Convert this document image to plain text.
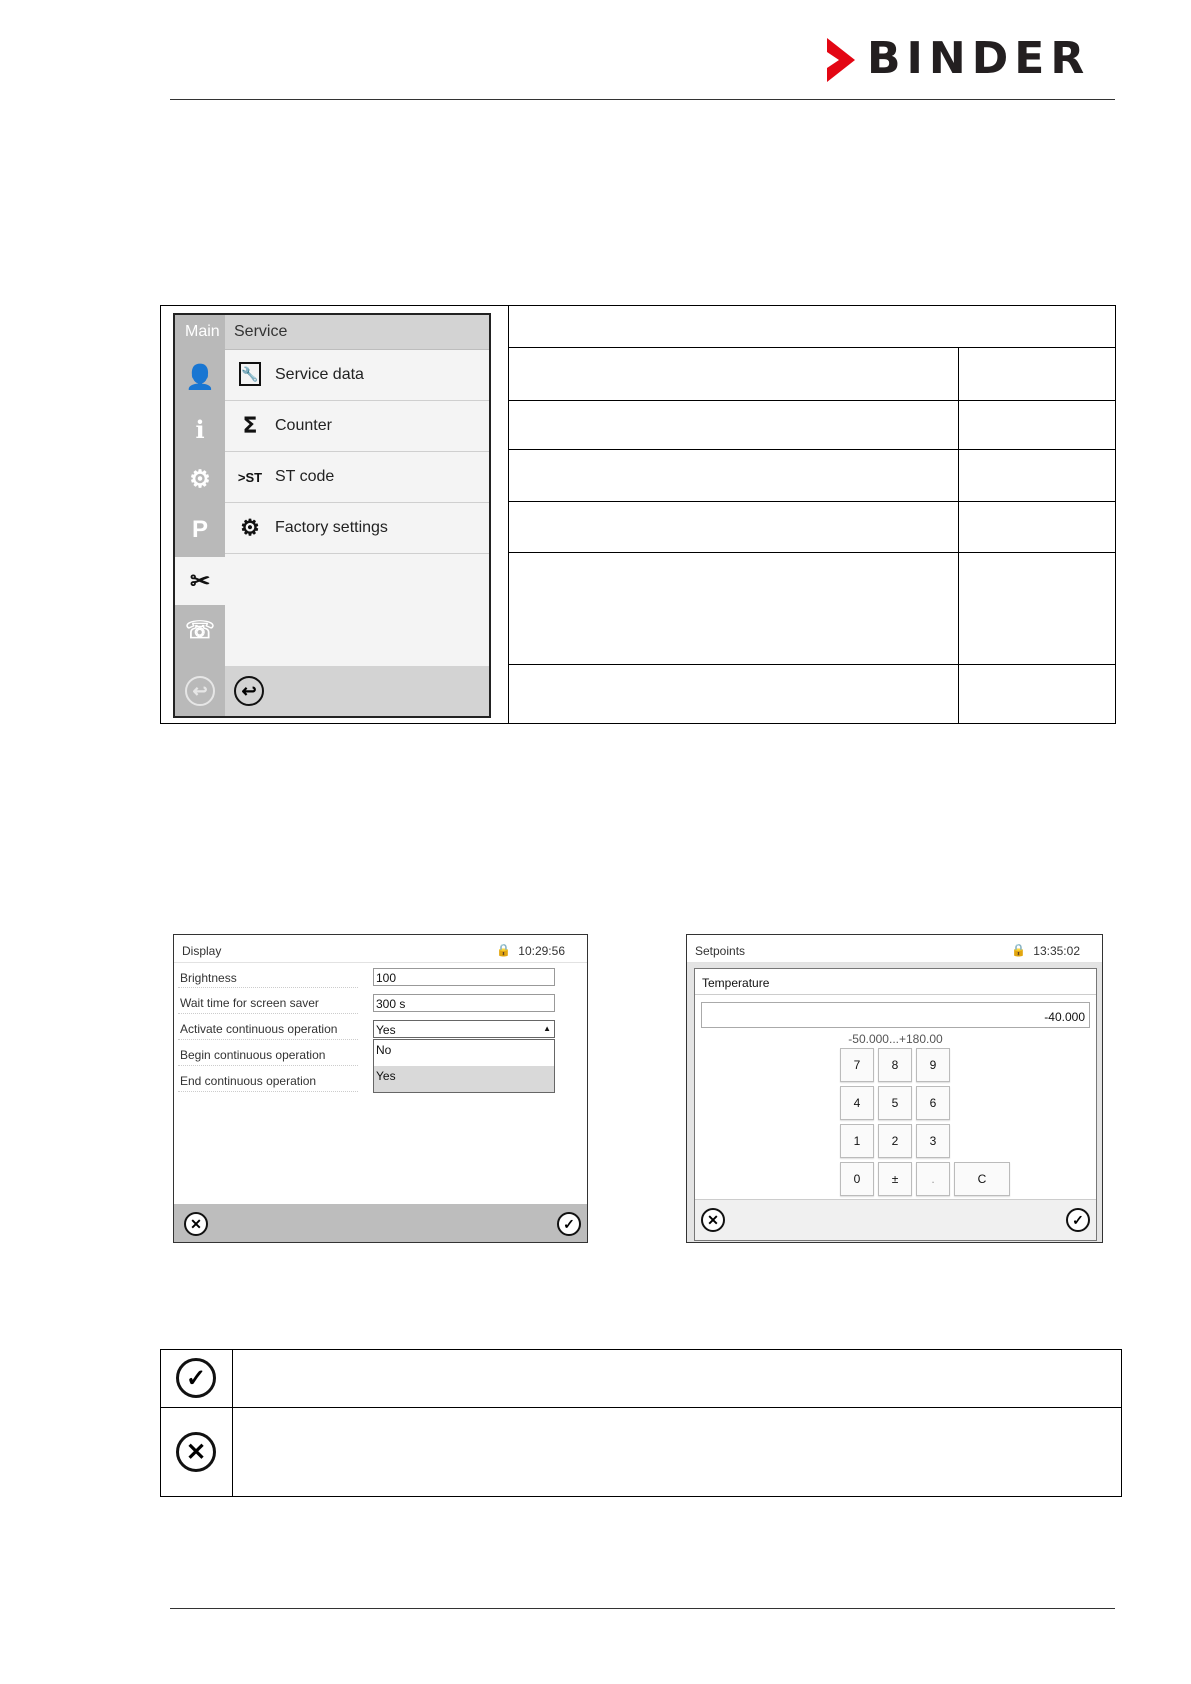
BINDER
Main
👤
i
⚙
P
✂
☏
↩
Service
🔧 Service data
Σ	Counter
>ST ST code
⚙ Factory settings
↩
Display	10:29:56
🔒
Brightness	100
Wait time for screen saver	300 s
Activate continuous operation	Yes	▲
Begin continuous operation
End continuous operation
No
Yes
✕	✓
Setpoints	13:35:02
🔒
Temperature
-40.000
-50.000...+180.00
7	8	9
4	5	6
1	2	3
0	±	.	C
✕	✓
✓
✕
